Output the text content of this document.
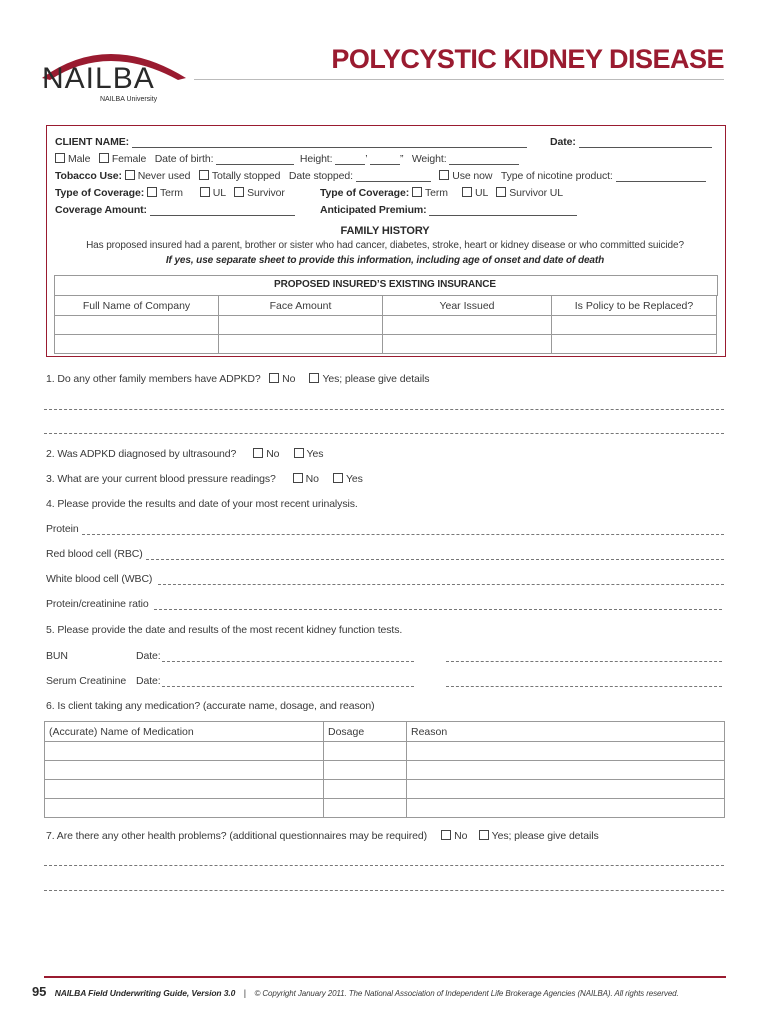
NAILBA
NAILBA University
POLYCYSTIC KIDNEY DISEASE
CLIENT NAME:	Date:
Male Female Date of birth:	Height:	’	” Weight:
Tobacco Use: Never used Totally stopped Date stopped:	Use now Type of nicotine product:
Type of Coverage: Term	UL Survivor	Type of Coverage: Term	UL Survivor UL
Coverage Amount:	Anticipated Premium:
FAMILY HISTORY
Has proposed insured had a parent, brother or sister who had cancer, diabetes, stroke, heart or kidney disease or who committed suicide?
If yes, use separate sheet to provide this information, including age of onset and date of death
PROPOSED INSURED’S EXISTING INSURANCE
Full Name of Company	Face Amount	Year Issued	Is Policy to be Replaced?

1. Do any other family members have ADPKD? No	Yes; please give details
2. Was ADPKD diagnosed by ultrasound?	No	Yes
3. What are your current blood pressure readings?	No	Yes
4. Please provide the results and date of your most recent urinalysis.
Protein
Red blood cell (RBC)
White blood cell (WBC)
Protein/creatinine ratio
5. Please provide the date and results of the most recent kidney function tests.
BUN	Date:
Serum Creatinine Date:
6. Is client taking any medication? (accurate name, dosage, and reason)
(Accurate) Name of Medication	Dosage	Reason

7. Are there any other health problems? (additional questionnaires may be required)	No Yes; please give details
95 NAILBA Field Underwriting Guide, Version 3.0 | © Copyright January 2011. The National Association of Independent Life Brokerage Agencies (NAILBA). All rights reserved.
